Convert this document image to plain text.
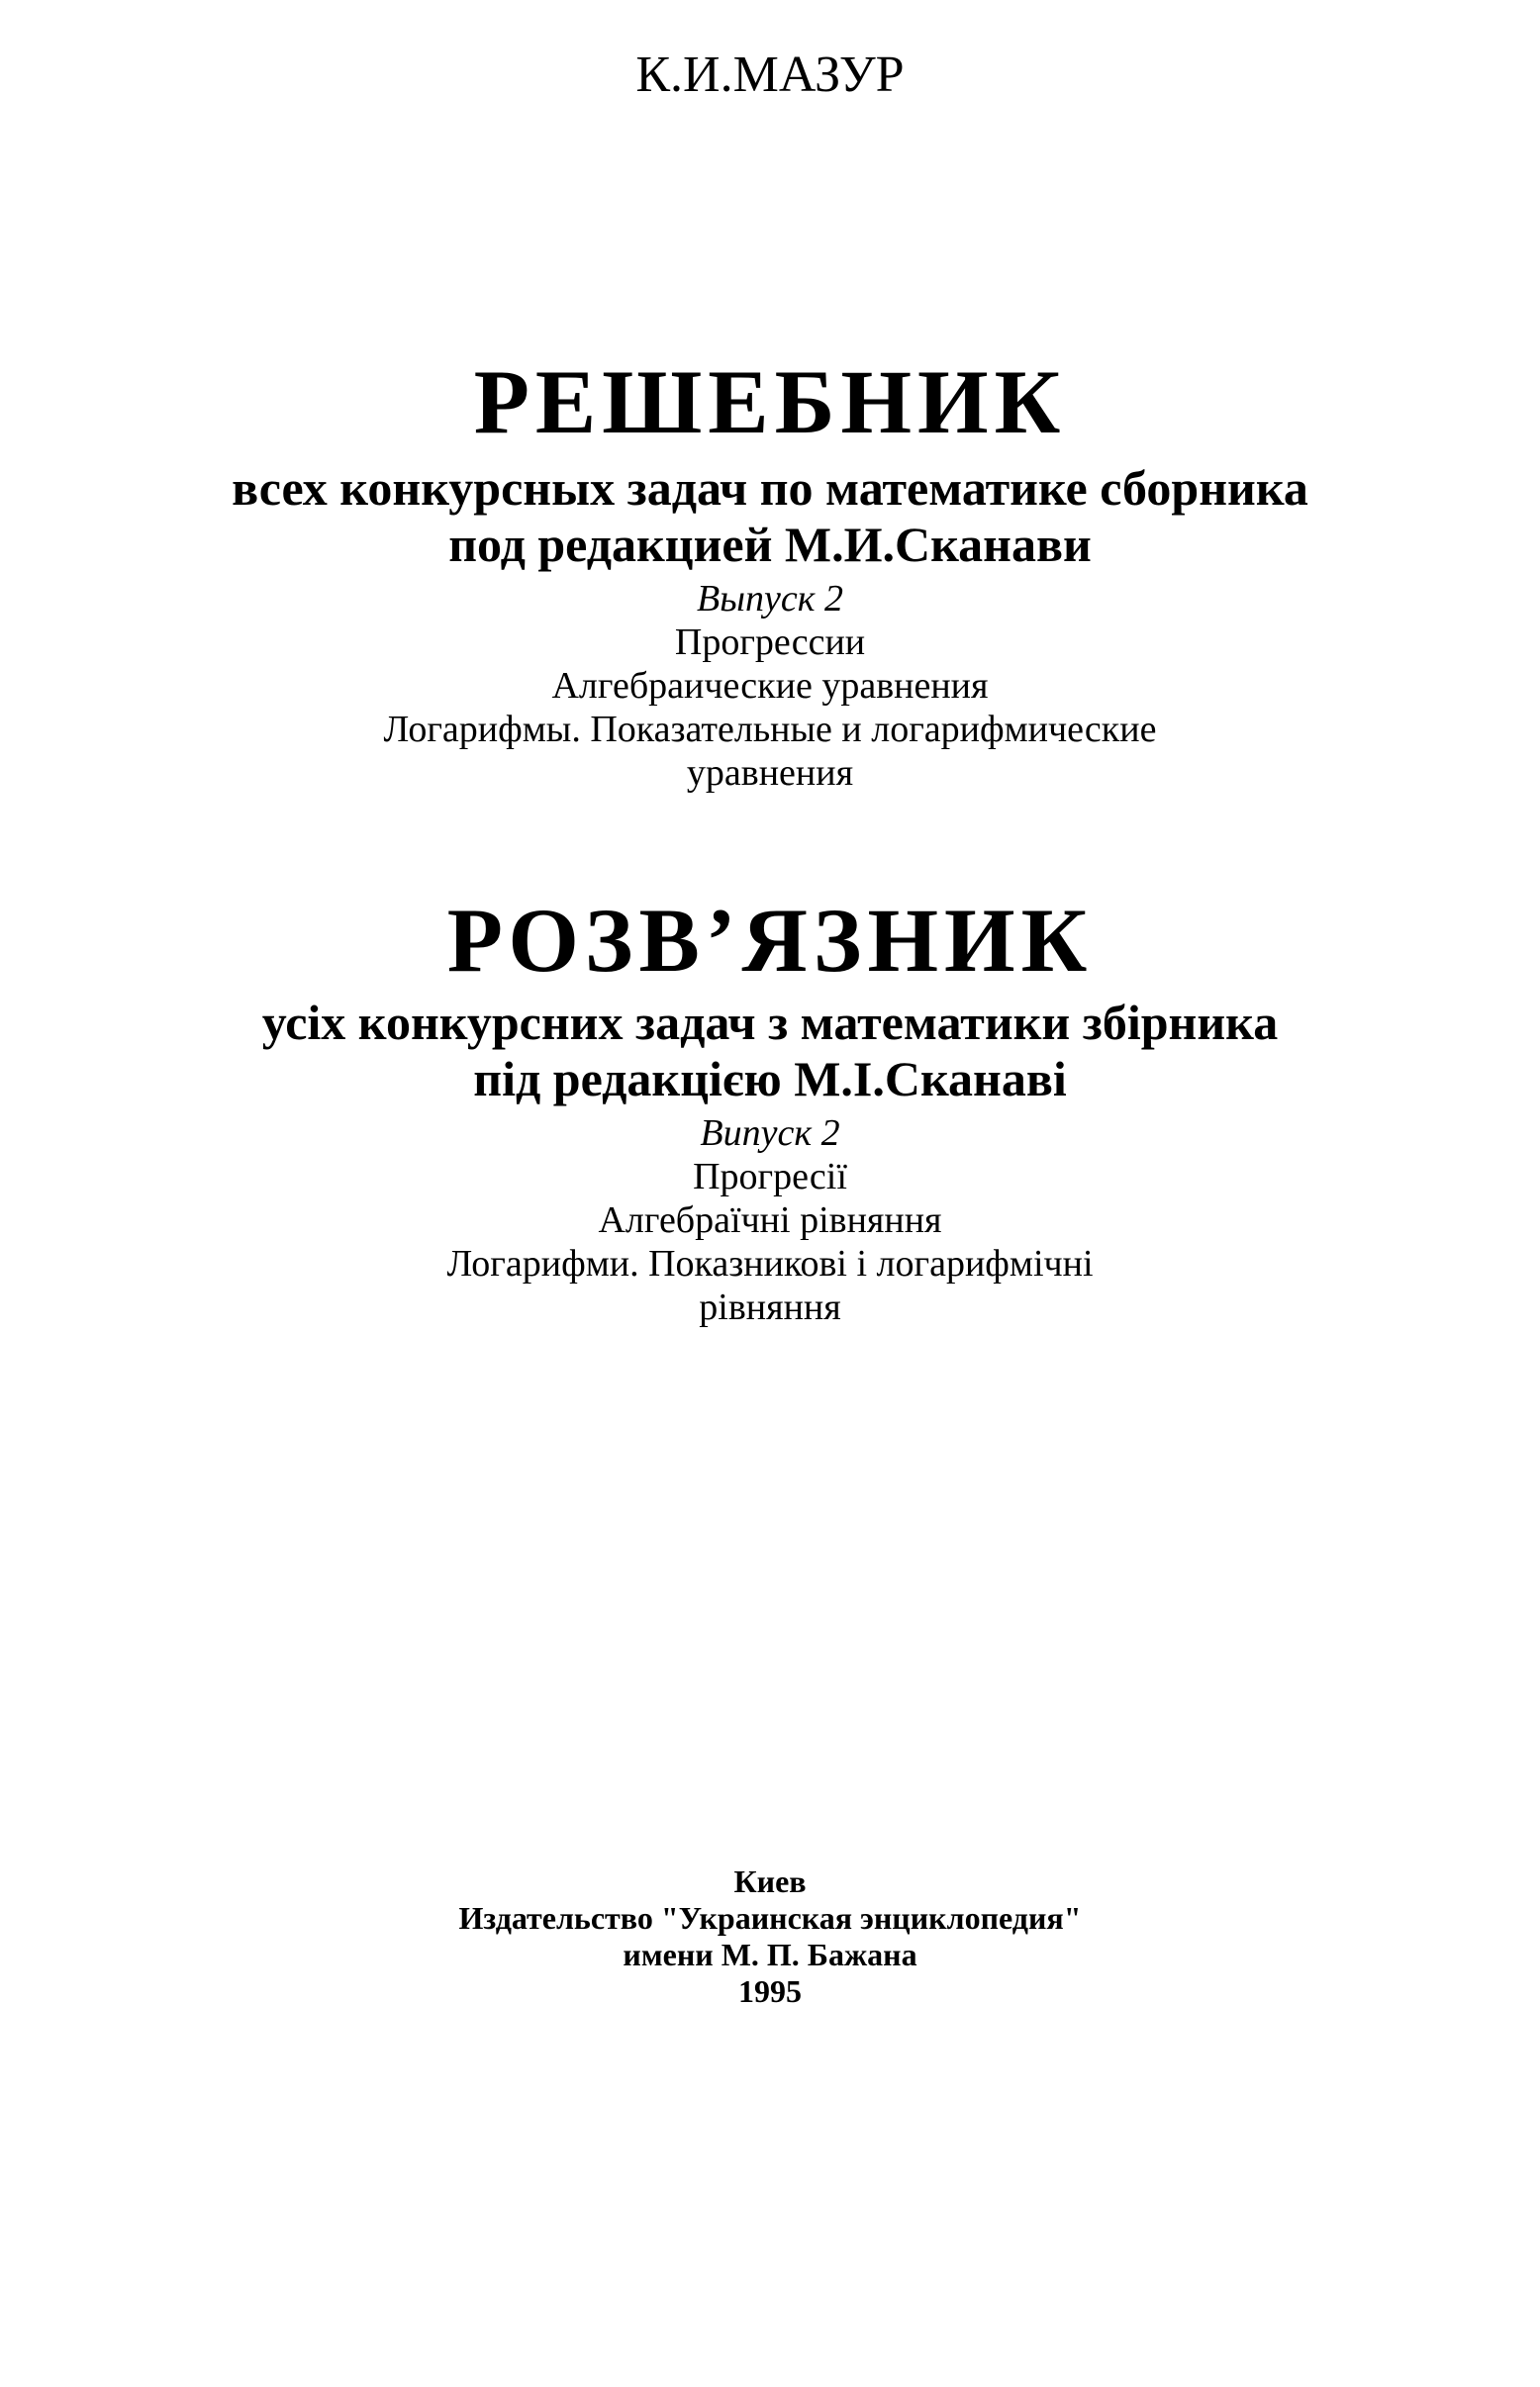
К.И.МАЗУР
РЕШЕБНИК
всех конкурсных задач по математике сборника
под редакцией М.И.Сканави
Выпуск 2
Прогрессии
Алгебраические уравнения
Логарифмы. Показательные и логарифмические
уравнения
РОЗВ’ЯЗНИК
усіх конкурсних задач з математики збірника
під редакцією М.І.Сканаві
Випуск 2
Прогресії
Алгебраїчні рівняння
Логарифми. Показникові і логарифмічні
рівняння
Киев
Издательство "Украинская энциклопедия"
имени М. П. Бажана
1995
